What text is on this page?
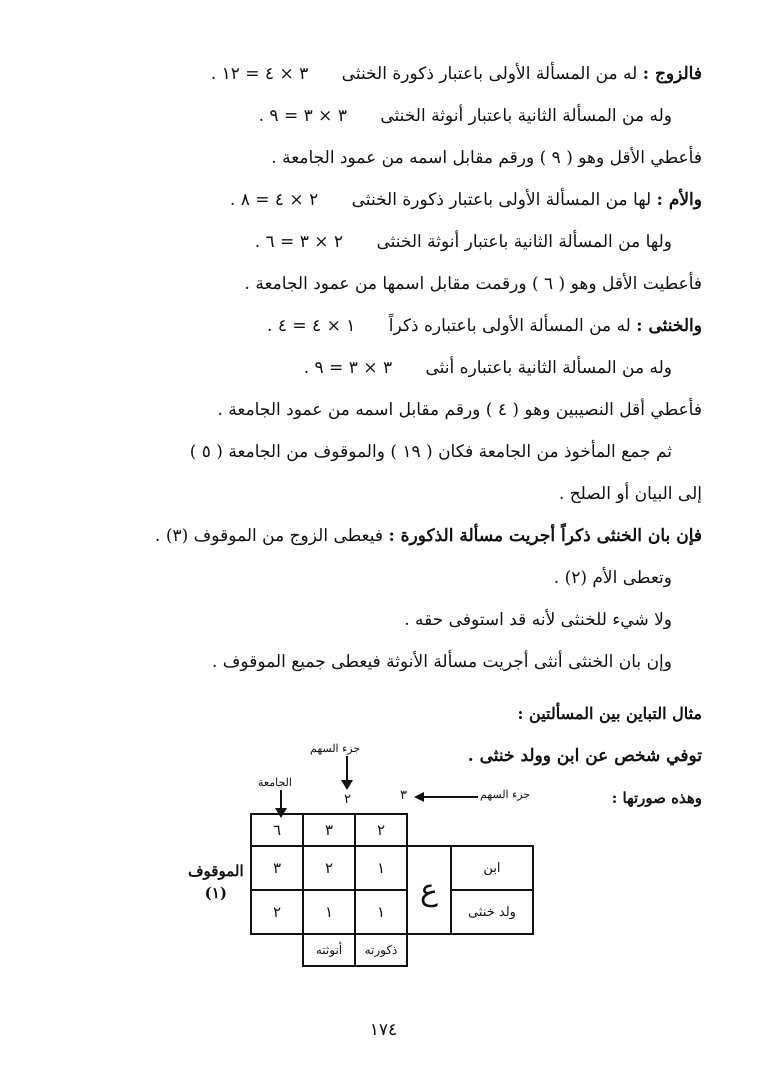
فالزوج : له من المسألة الأولى باعتبار ذكورة الخنثى ٣ × ٤ = ١٢ .
وله من المسألة الثانية باعتبار أنوثة الخنثى ٣ × ٣ = ٩ .
فأعطي الأقل وهو ( ٩ ) ورقم مقابل اسمه من عمود الجامعة .
والأم : لها من المسألة الأولى باعتبار ذكورة الخنثى ٢ × ٤ = ٨ .
ولها من المسألة الثانية باعتبار أنوثة الخنثى ٢ × ٣ = ٦ .
فأعطيت الأقل وهو ( ٦ ) ورقمت مقابل اسمها من عمود الجامعة .
والخنثى : له من المسألة الأولى باعتباره ذكراً ١ × ٤ = ٤ .
وله من المسألة الثانية باعتباره أنثى ٣ × ٣ = ٩ .
فأعطي أقل النصيبين وهو ( ٤ ) ورقم مقابل اسمه من عمود الجامعة .
ثم جمع المأخوذ من الجامعة فكان ( ١٩ ) والموقوف من الجامعة ( ٥ )
إلى البيان أو الصلح .
فإن بان الخنثى ذكراً أجريت مسألة الذكورة : فيعطى الزوج من الموقوف (٣) .
وتعطى الأم (٢) .
ولا شيء للخنثى لأنه قد استوفى حقه .
وإن بان الخنثى أنثى أجريت مسألة الأنوثة فيعطى جميع الموقوف .
مثال التباين بين المسألتين :
توفي شخص عن ابن وولد خنثى .
وهذه صورتها :
جزء السهم
٢
الجامعة
جزء السهم
٣
الموقوف
(١)
		٢	٣	٦
ابن	ع	١	٢	٣
ولد خنثى		١	١	٢
		ذكورته	أنوثته	
١٧٤
